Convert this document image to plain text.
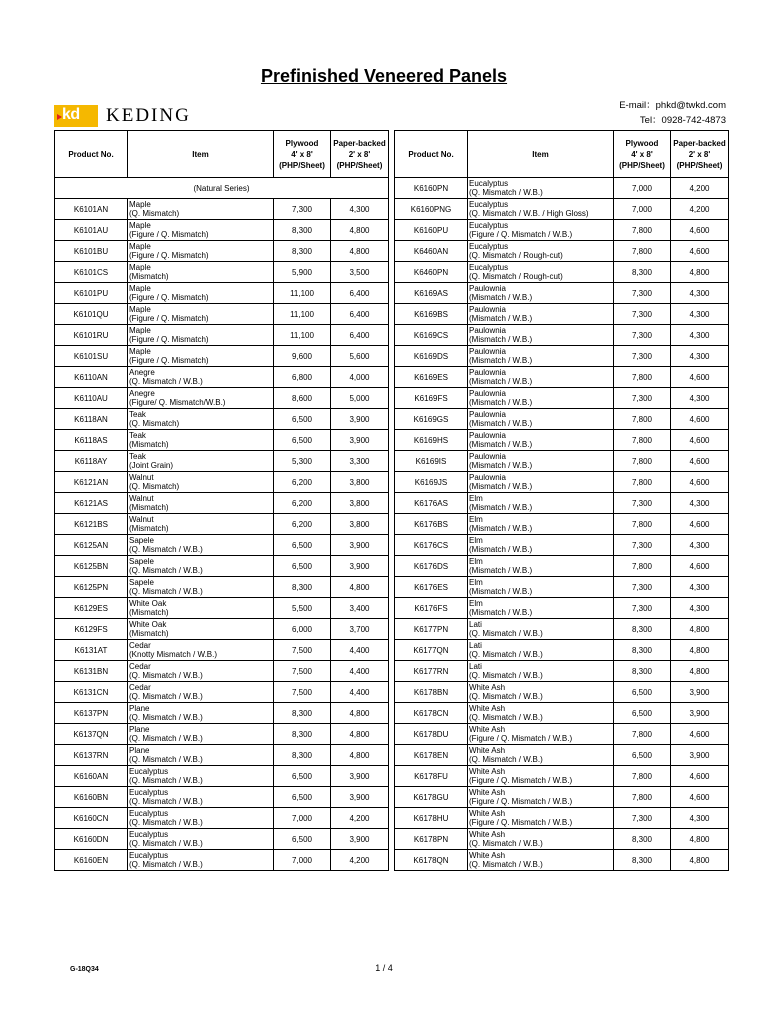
Prefinished Veneered Panels
kd KEDING	E-mail：phkd@twkd.com
Tel：0928-742-4873
Product No.	Item	Plywood
4' x 8'
(PHP/Sheet)	Paper-backed
2' x 8'
(PHP/Sheet)
(Natural Series)			
K6101AN	Maple
(Q. Mismatch)	7,300	4,300
K6101AU	Maple
(Figure / Q. Mismatch)	8,300	4,800
K6101BU	Maple
(Figure / Q. Mismatch)	8,300	4,800
K6101CS	Maple
(Mismatch)	5,900	3,500
K6101PU	Maple
(Figure / Q. Mismatch)	11,100	6,400
K6101QU	Maple
(Figure / Q. Mismatch)	11,100	6,400
K6101RU	Maple
(Figure / Q. Mismatch)	11,100	6,400
K6101SU	Maple
(Figure / Q. Mismatch)	9,600	5,600
K6110AN	Anegre
(Q. Mismatch / W.B.)	6,800	4,000
K6110AU	Anegre
(Figure/ Q. Mismatch/W.B.)	8,600	5,000
K6118AN	Teak
(Q. Mismatch)	6,500	3,900
K6118AS	Teak
(Mismatch)	6,500	3,900
K6118AY	Teak
(Joint Grain)	5,300	3,300
K6121AN	Walnut
(Q. Mismatch)	6,200	3,800
K6121AS	Walnut
(Mismatch)	6,200	3,800
K6121BS	Walnut
(Mismatch)	6,200	3,800
K6125AN	Sapele
(Q. Mismatch / W.B.)	6,500	3,900
K6125BN	Sapele
(Q. Mismatch / W.B.)	6,500	3,900
K6125PN	Sapele
(Q. Mismatch / W.B.)	8,300	4,800
K6129ES	White Oak
(Mismatch)	5,500	3,400
K6129FS	White Oak
(Mismatch)	6,000	3,700
K6131AT	Cedar
(Knotty Mismatch / W.B.)	7,500	4,400
K6131BN	Cedar
(Q. Mismatch / W.B.)	7,500	4,400
K6131CN	Cedar
(Q. Mismatch / W.B.)	7,500	4,400
K6137PN	Plane
(Q. Mismatch / W.B.)	8,300	4,800
K6137QN	Plane
(Q. Mismatch / W.B.)	8,300	4,800
K6137RN	Plane
(Q. Mismatch / W.B.)	8,300	4,800
K6160AN	Eucalyptus
(Q. Mismatch / W.B.)	6,500	3,900
K6160BN	Eucalyptus
(Q. Mismatch / W.B.)	6,500	3,900
K6160CN	Eucalyptus
(Q. Mismatch / W.B.)	7,000	4,200
K6160DN	Eucalyptus
(Q. Mismatch / W.B.)	6,500	3,900
K6160EN	Eucalyptus
(Q. Mismatch / W.B.)	7,000	4,200
Product No.	Item	Plywood
4' x 8'
(PHP/Sheet)	Paper-backed
2' x 8'
(PHP/Sheet)
K6160PN	Eucalyptus
(Q. Mismatch / W.B.)	7,000	4,200
K6160PNG	Eucalyptus
(Q. Mismatch / W.B. / High Gloss)	7,000	4,200
K6160PU	Eucalyptus
(Figure / Q. Mismatch / W.B.)	7,800	4,600
K6460AN	Eucalyptus
(Q. Mismatch / Rough-cut)	7,800	4,600
K6460PN	Eucalyptus
(Q. Mismatch / Rough-cut)	8,300	4,800
K6169AS	Paulownia
(Mismatch / W.B.)	7,300	4,300
K6169BS	Paulownia
(Mismatch / W.B.)	7,300	4,300
K6169CS	Paulownia
(Mismatch / W.B.)	7,300	4,300
K6169DS	Paulownia
(Mismatch / W.B.)	7,300	4,300
K6169ES	Paulownia
(Mismatch / W.B.)	7,800	4,600
K6169FS	Paulownia
(Mismatch / W.B.)	7,300	4,300
K6169GS	Paulownia
(Mismatch / W.B.)	7,800	4,600
K6169HS	Paulownia
(Mismatch / W.B.)	7,800	4,600
K6169IS	Paulownia
(Mismatch / W.B.)	7,800	4,600
K6169JS	Paulownia
(Mismatch / W.B.)	7,800	4,600
K6176AS	Elm
(Mismatch / W.B.)	7,300	4,300
K6176BS	Elm
(Mismatch / W.B.)	7,800	4,600
K6176CS	Elm
(Mismatch / W.B.)	7,300	4,300
K6176DS	Elm
(Mismatch / W.B.)	7,800	4,600
K6176ES	Elm
(Mismatch / W.B.)	7,300	4,300
K6176FS	Elm
(Mismatch / W.B.)	7,300	4,300
K6177PN	Lati
(Q. Mismatch / W.B.)	8,300	4,800
K6177QN	Lati
(Q. Mismatch / W.B.)	8,300	4,800
K6177RN	Lati
(Q. Mismatch / W.B.)	8,300	4,800
K6178BN	White Ash
(Q. Mismatch / W.B.)	6,500	3,900
K6178CN	White Ash
(Q. Mismatch / W.B.)	6,500	3,900
K6178DU	White Ash
(Figure / Q. Mismatch / W.B.)	7,800	4,600
K6178EN	White Ash
(Q. Mismatch / W.B.)	6,500	3,900
K6178FU	White Ash
(Figure / Q. Mismatch / W.B.)	7,800	4,600
K6178GU	White Ash
(Figure / Q. Mismatch / W.B.)	7,800	4,600
K6178HU	White Ash
(Figure / Q. Mismatch / W.B.)	7,300	4,300
K6178PN	White Ash
(Q. Mismatch / W.B.)	8,300	4,800
K6178QN	White Ash
(Q. Mismatch / W.B.)	8,300	4,800
G-18Q34	1 / 4
